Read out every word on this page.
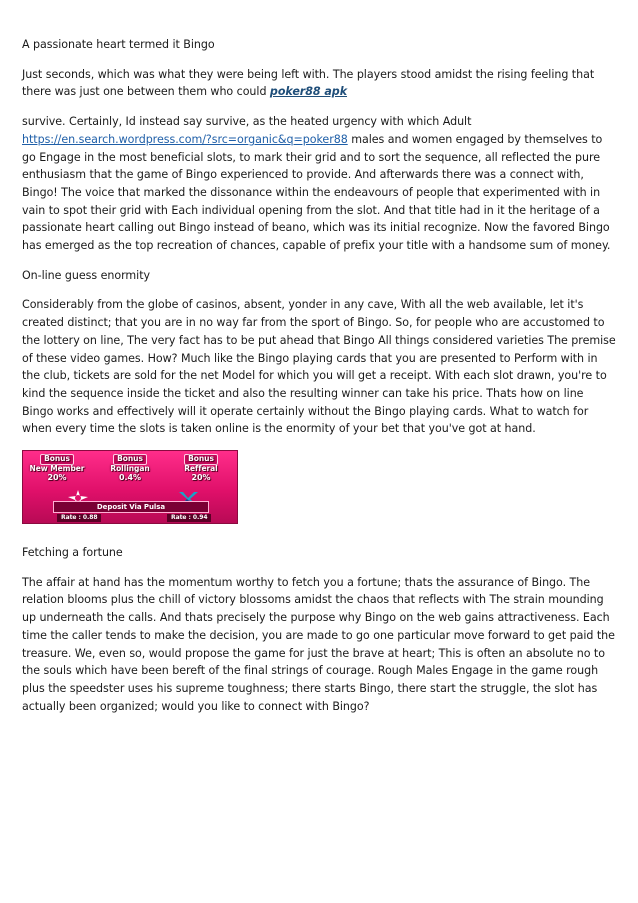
A passionate heart termed it Bingo

Just seconds, which was what they were being left with. The players stood amidst the rising feeling that there was just one between them who could poker88 apk

survive. Certainly, Id instead say survive, as the heated urgency with which Adult https://en.search.wordpress.com/?src=organic&q=poker88 males and women engaged by themselves to go Engage in the most beneficial slots, to mark their grid and to sort the sequence, all reflected the pure enthusiasm that the game of Bingo experienced to provide. And afterwards there was a connect with, Bingo! The voice that marked the dissonance within the endeavours of people that experimented with in vain to spot their grid with Each individual opening from the slot. And that title had in it the heritage of a passionate heart calling out Bingo instead of beano, which was its initial recognize. Now the favored Bingo has emerged as the top recreation of chances, capable of prefix your title with a handsome sum of money.

On-line guess enormity

Considerably from the globe of casinos, absent, yonder in any cave, With all the web available, let it's created distinct; that you are in no way far from the sport of Bingo. So, for people who are accustomed to the lottery on line, The very fact has to be put ahead that Bingo All things considered varieties The premise of these video games. How? Much like the Bingo playing cards that you are presented to Perform with in the club, tickets are sold for the net Model for which you will get a receipt. With each slot drawn, you're to kind the sequence inside the ticket and also the resulting winner can take his price. Thats how on line Bingo works and effectively will it operate certainly without the Bingo playing cards. What to watch for when every time the slots is taken online is the enormity of your bet that you've got at hand.

Bonus
New Member
20%
Bonus
Rollingan
0.4%
Bonus
Refferal
20%
Deposit Via Pulsa
Rate : 0.88	Rate : 0.94

Fetching a fortune

The affair at hand has the momentum worthy to fetch you a fortune; thats the assurance of Bingo. The relation blooms plus the chill of victory blossoms amidst the chaos that reflects with The strain mounding up underneath the calls. And thats precisely the purpose why Bingo on the web gains attractiveness. Each time the caller tends to make the decision, you are made to go one particular move forward to get paid the treasure. We, even so, would propose the game for just the brave at heart; This is often an absolute no to the souls which have been bereft of the final strings of courage. Rough Males Engage in the game rough plus the speedster uses his supreme toughness; there starts Bingo, there start the struggle, the slot has actually been organized; would you like to connect with Bingo?
